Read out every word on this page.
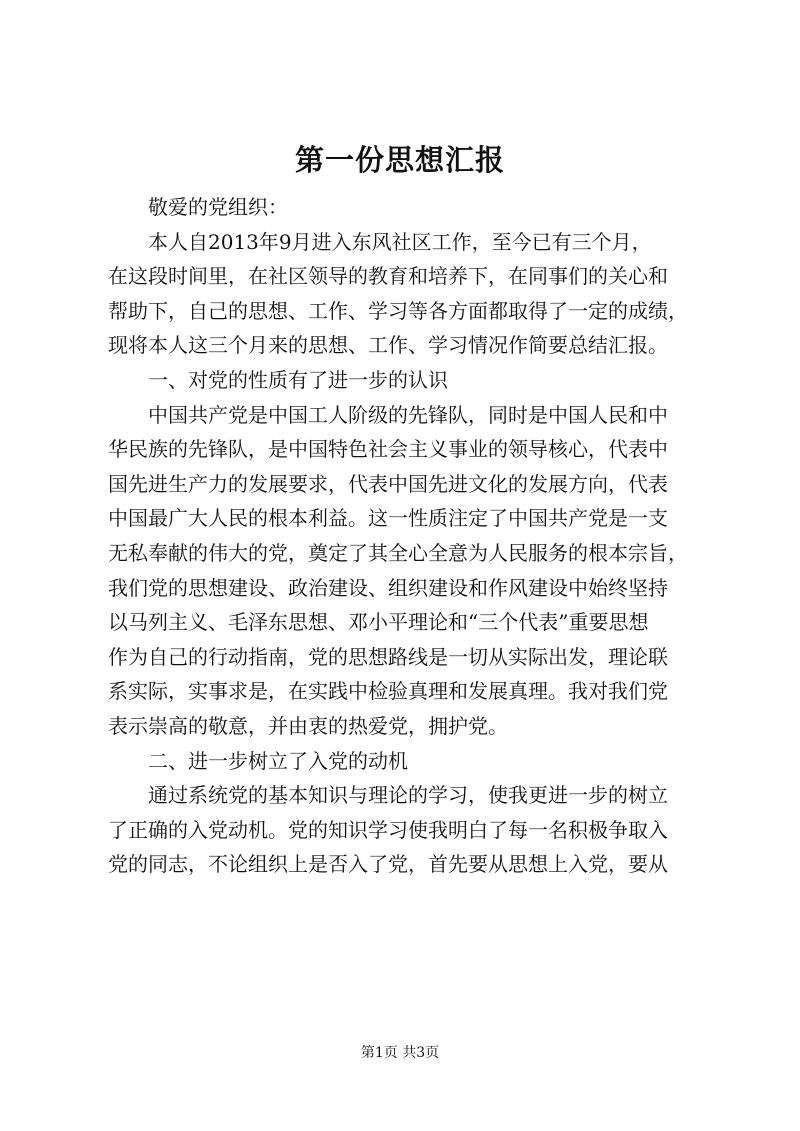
第一份思想汇报
敬爱的党组织：
本人自2013年9月进入东风社区工作，至今已有三个月，
在这段时间里，在社区领导的教育和培养下，在同事们的关心和
帮助下，自己的思想、工作、学习等各方面都取得了一定的成绩，
现将本人这三个月来的思想、工作、学习情况作简要总结汇报。
一、对党的性质有了进一步的认识
中国共产党是中国工人阶级的先锋队，同时是中国人民和中
华民族的先锋队，是中国特色社会主义事业的领导核心，代表中
国先进生产力的发展要求，代表中国先进文化的发展方向，代表
中国最广大人民的根本利益。这一性质注定了中国共产党是一支
无私奉献的伟大的党，奠定了其全心全意为人民服务的根本宗旨，
我们党的思想建设、政治建设、组织建设和作风建设中始终坚持
以马列主义、毛泽东思想、邓小平理论和“三个代表”重要思想
作为自己的行动指南，党的思想路线是一切从实际出发，理论联
系实际，实事求是，在实践中检验真理和发展真理。我对我们党
表示崇高的敬意，并由衷的热爱党，拥护党。
二、进一步树立了入党的动机
通过系统党的基本知识与理论的学习，使我更进一步的树立
了正确的入党动机。党的知识学习使我明白了每一名积极争取入
党的同志，不论组织上是否入了党，首先要从思想上入党，要从
第1页 共3页
